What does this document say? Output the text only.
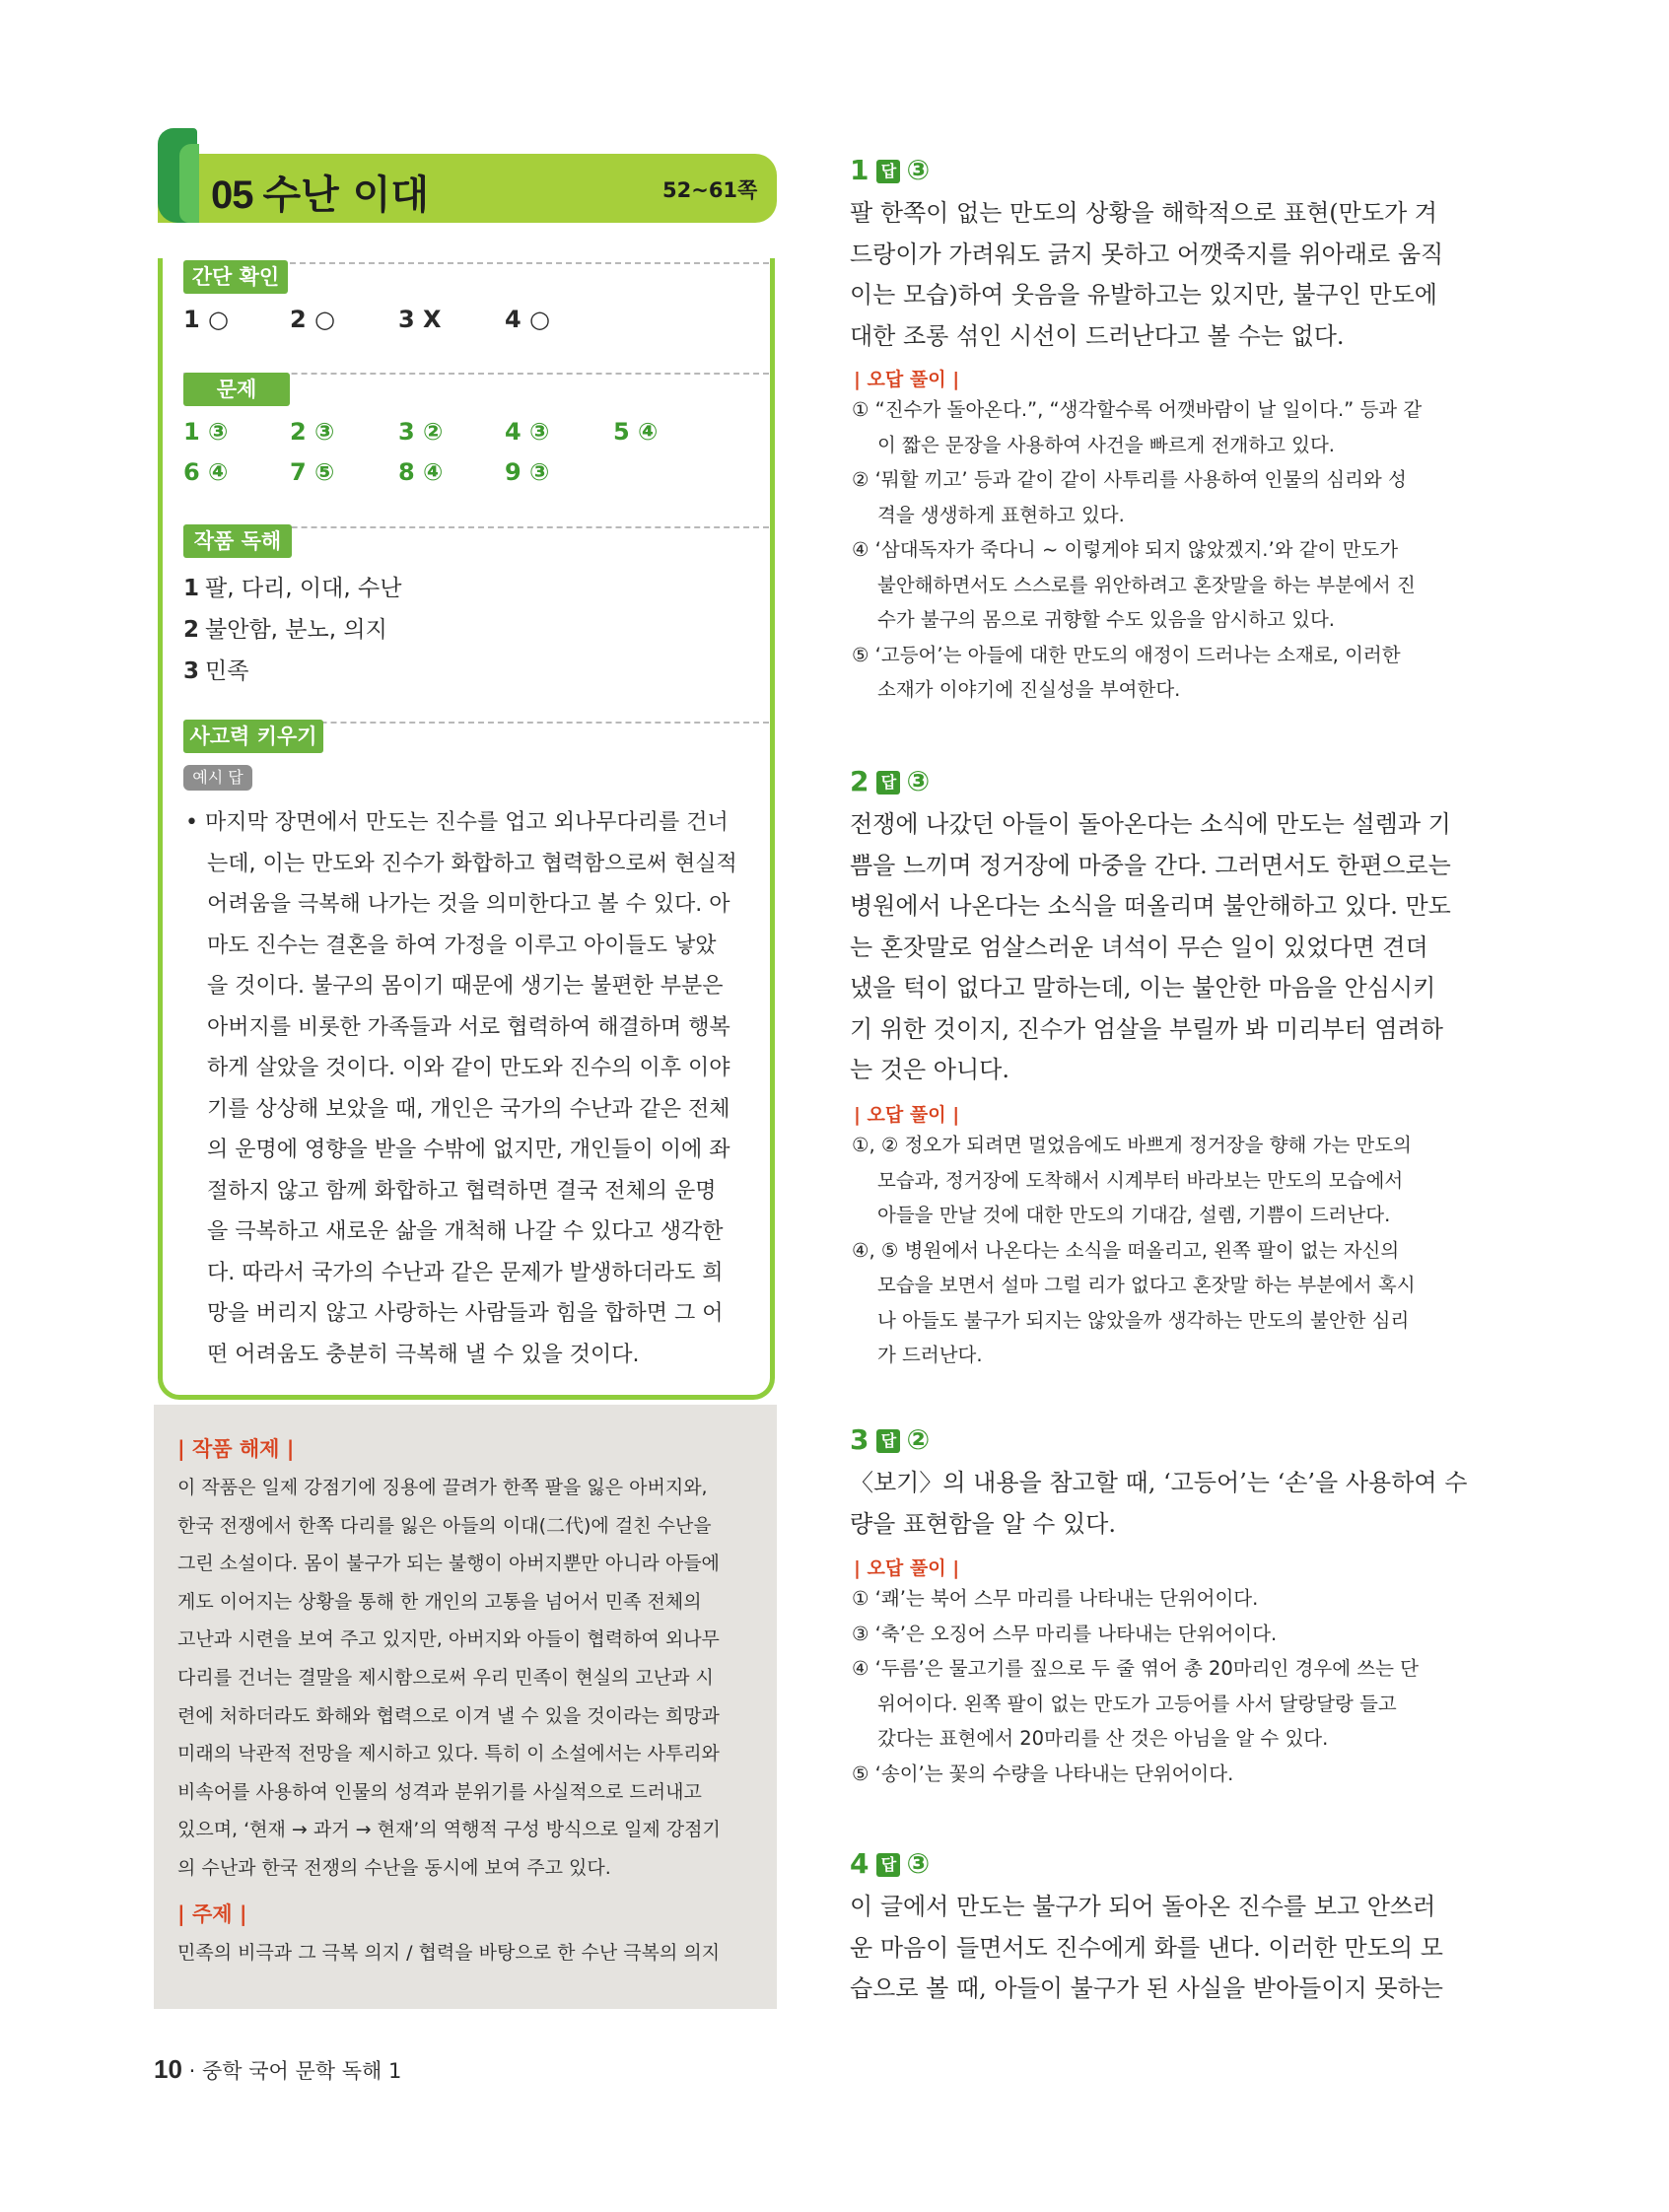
05 수난 이대	52~61쪽
간단 확인
1 ○	2 ○	3 X	4 ○
문제
1 ③	2 ③	3 ②	4 ③	5 ④
6 ④	7 ⑤	8 ④	9 ③
작품 독해
1 팔, 다리, 이대, 수난
2 불안함, 분노, 의지
3 민족
사고력 키우기
예시 답
• 마지막 장면에서 만도는 진수를 업고 외나무다리를 건너
는데, 이는 만도와 진수가 화합하고 협력함으로써 현실적
어려움을 극복해 나가는 것을 의미한다고 볼 수 있다. 아
마도 진수는 결혼을 하여 가정을 이루고 아이들도 낳았
을 것이다. 불구의 몸이기 때문에 생기는 불편한 부분은
아버지를 비롯한 가족들과 서로 협력하여 해결하며 행복
하게 살았을 것이다. 이와 같이 만도와 진수의 이후 이야
기를 상상해 보았을 때, 개인은 국가의 수난과 같은 전체
의 운명에 영향을 받을 수밖에 없지만, 개인들이 이에 좌
절하지 않고 함께 화합하고 협력하면 결국 전체의 운명
을 극복하고 새로운 삶을 개척해 나갈 수 있다고 생각한
다. 따라서 국가의 수난과 같은 문제가 발생하더라도 희
망을 버리지 않고 사랑하는 사람들과 힘을 합하면 그 어
떤 어려움도 충분히 극복해 낼 수 있을 것이다.
| 작품 해제 |
이 작품은 일제 강점기에 징용에 끌려가 한쪽 팔을 잃은 아버지와,
한국 전쟁에서 한쪽 다리를 잃은 아들의 이대(二代)에 걸친 수난을
그린 소설이다. 몸이 불구가 되는 불행이 아버지뿐만 아니라 아들에
게도 이어지는 상황을 통해 한 개인의 고통을 넘어서 민족 전체의
고난과 시련을 보여 주고 있지만, 아버지와 아들이 협력하여 외나무
다리를 건너는 결말을 제시함으로써 우리 민족이 현실의 고난과 시
련에 처하더라도 화해와 협력으로 이겨 낼 수 있을 것이라는 희망과
미래의 낙관적 전망을 제시하고 있다. 특히 이 소설에서는 사투리와
비속어를 사용하여 인물의 성격과 분위기를 사실적으로 드러내고
있으며, ‘현재 → 과거 → 현재’의 역행적 구성 방식으로 일제 강점기
의 수난과 한국 전쟁의 수난을 동시에 보여 주고 있다.
| 주제 |
민족의 비극과 그 극복 의지 / 협력을 바탕으로 한 수난 극복의 의지
10 · 중학 국어 문학 독해 1
1 답 ③
팔 한쪽이 없는 만도의 상황을 해학적으로 표현(만도가 겨
드랑이가 가려워도 긁지 못하고 어깻죽지를 위아래로 움직
이는 모습)하여 웃음을 유발하고는 있지만, 불구인 만도에
대한 조롱 섞인 시선이 드러난다고 볼 수는 없다.
| 오답 풀이 |
① “진수가 돌아온다.”, “생각할수록 어깻바람이 날 일이다.” 등과 같
이 짧은 문장을 사용하여 사건을 빠르게 전개하고 있다.
② ‘뭐할 끼고’ 등과 같이 같이 사투리를 사용하여 인물의 심리와 성
격을 생생하게 표현하고 있다.
④ ‘삼대독자가 죽다니 ~ 이렇게야 되지 않았겠지.’와 같이 만도가
불안해하면서도 스스로를 위안하려고 혼잣말을 하는 부분에서 진
수가 불구의 몸으로 귀향할 수도 있음을 암시하고 있다.
⑤ ‘고등어’는 아들에 대한 만도의 애정이 드러나는 소재로, 이러한
소재가 이야기에 진실성을 부여한다.
2 답 ③
전쟁에 나갔던 아들이 돌아온다는 소식에 만도는 설렘과 기
쁨을 느끼며 정거장에 마중을 간다. 그러면서도 한편으로는
병원에서 나온다는 소식을 떠올리며 불안해하고 있다. 만도
는 혼잣말로 엄살스러운 녀석이 무슨 일이 있었다면 견뎌
냈을 턱이 없다고 말하는데, 이는 불안한 마음을 안심시키
기 위한 것이지, 진수가 엄살을 부릴까 봐 미리부터 염려하
는 것은 아니다.
| 오답 풀이 |
①, ② 정오가 되려면 멀었음에도 바쁘게 정거장을 향해 가는 만도의
모습과, 정거장에 도착해서 시계부터 바라보는 만도의 모습에서
아들을 만날 것에 대한 만도의 기대감, 설렘, 기쁨이 드러난다.
④, ⑤ 병원에서 나온다는 소식을 떠올리고, 왼쪽 팔이 없는 자신의
모습을 보면서 설마 그럴 리가 없다고 혼잣말 하는 부분에서 혹시
나 아들도 불구가 되지는 않았을까 생각하는 만도의 불안한 심리
가 드러난다.
3 답 ②
〈보기〉의 내용을 참고할 때, ‘고등어’는 ‘손’을 사용하여 수
량을 표현함을 알 수 있다.
| 오답 풀이 |
① ‘쾌’는 북어 스무 마리를 나타내는 단위어이다.
③ ‘축’은 오징어 스무 마리를 나타내는 단위어이다.
④ ‘두름’은 물고기를 짚으로 두 줄 엮어 총 20마리인 경우에 쓰는 단
위어이다. 왼쪽 팔이 없는 만도가 고등어를 사서 달랑달랑 들고
갔다는 표현에서 20마리를 산 것은 아님을 알 수 있다.
⑤ ‘송이’는 꽃의 수량을 나타내는 단위어이다.
4 답 ③
이 글에서 만도는 불구가 되어 돌아온 진수를 보고 안쓰러
운 마음이 들면서도 진수에게 화를 낸다. 이러한 만도의 모
습으로 볼 때, 아들이 불구가 된 사실을 받아들이지 못하는
